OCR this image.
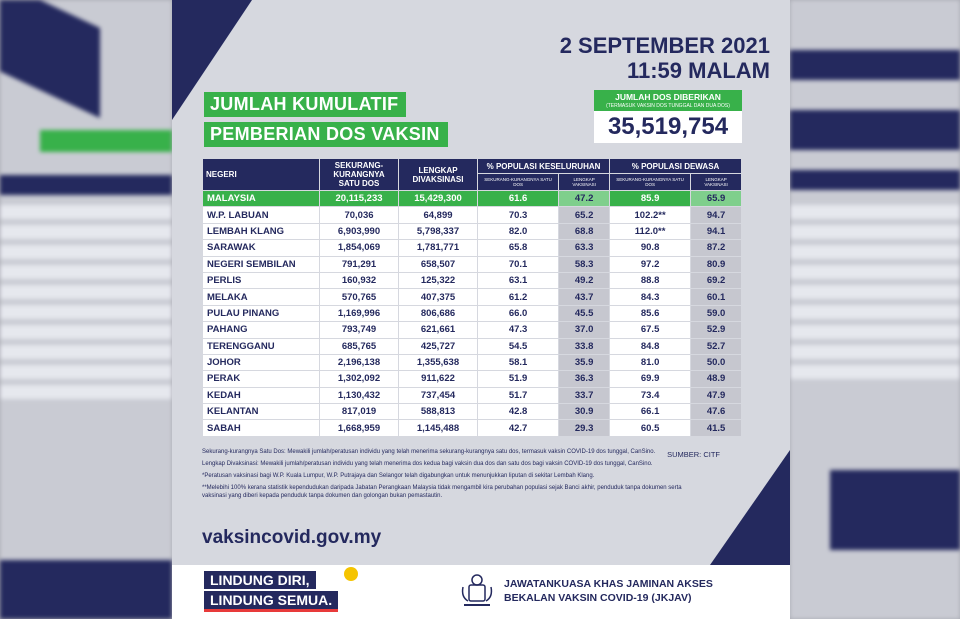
2 SEPTEMBER 2021
11:59 MALAM
JUMLAH KUMULATIF
PEMBERIAN DOS VAKSIN
JUMLAH DOS DIBERIKAN
(TERMASUK VAKSIN DOS TUNGGAL DAN DUA DOS)
35,519,754
NEGERI	SEKURANG-KURANGNYA SATU DOS	LENGKAP DIVAKSINASI	% POPULASI KESELURUHAN		% POPULASI DEWASA	

			SEKURANG-KURANGNYA SATU DOS	LENGKAP VAKSINASI	SEKURANG-KURANGNYA SATU DOS	LENGKAP VAKSINASI

MALAYSIA	20,115,233	15,429,300	61.6	47.2	85.9	65.9
W.P. LABUAN	70,036	64,899	70.3	65.2	102.2**	94.7
LEMBAH KLANG	6,903,990	5,798,337	82.0	68.8	112.0**	94.1
SARAWAK	1,854,069	1,781,771	65.8	63.3	90.8	87.2
NEGERI SEMBILAN	791,291	658,507	70.1	58.3	97.2	80.9
PERLIS	160,932	125,322	63.1	49.2	88.8	69.2
MELAKA	570,765	407,375	61.2	43.7	84.3	60.1
PULAU PINANG	1,169,996	806,686	66.0	45.5	85.6	59.0
PAHANG	793,749	621,661	47.3	37.0	67.5	52.9
TERENGGANU	685,765	425,727	54.5	33.8	84.8	52.7
JOHOR	2,196,138	1,355,638	58.1	35.9	81.0	50.0
PERAK	1,302,092	911,622	51.9	36.3	69.9	48.9
KEDAH	1,130,432	737,454	51.7	33.7	73.4	47.9
KELANTAN	817,019	588,813	42.8	30.9	66.1	47.6
SABAH	1,668,959	1,145,488	42.7	29.3	60.5	41.5

Sekurang-kurangnya Satu Dos: Mewakili jumlah/peratusan individu yang telah menerima sekurang-kurangnya satu dos, termasuk vaksin COVID-19 dos tunggal, CanSino.

Lengkap Divaksinasi: Mewakili jumlah/peratusan individu yang telah menerima dos kedua bagi vaksin dua dos dan satu dos bagi vaksin COVID-19 dos tunggal, CanSino.

*Peratusan vaksinasi bagi W.P. Kuala Lumpur, W.P. Putrajaya dan Selangor telah digabungkan untuk menunjukkan liputan di sekitar Lembah Klang.

**Melebihi 100% kerana statistik kependudukan daripada Jabatan Perangkaan Malaysia tidak mengambil kira perubahan populasi sejak Banci akhir, penduduk tanpa dokumen serta vaksinasi yang diberi kepada penduduk tanpa dokumen dan golongan bukan pemastautin.

SUMBER: CITF
vaksincovid.gov.my
LINDUNG DIRI,
LINDUNG SEMUA.
JAWATANKUASA KHAS JAMINAN AKSES
BEKALAN VAKSIN COVID-19 (JKJAV)
